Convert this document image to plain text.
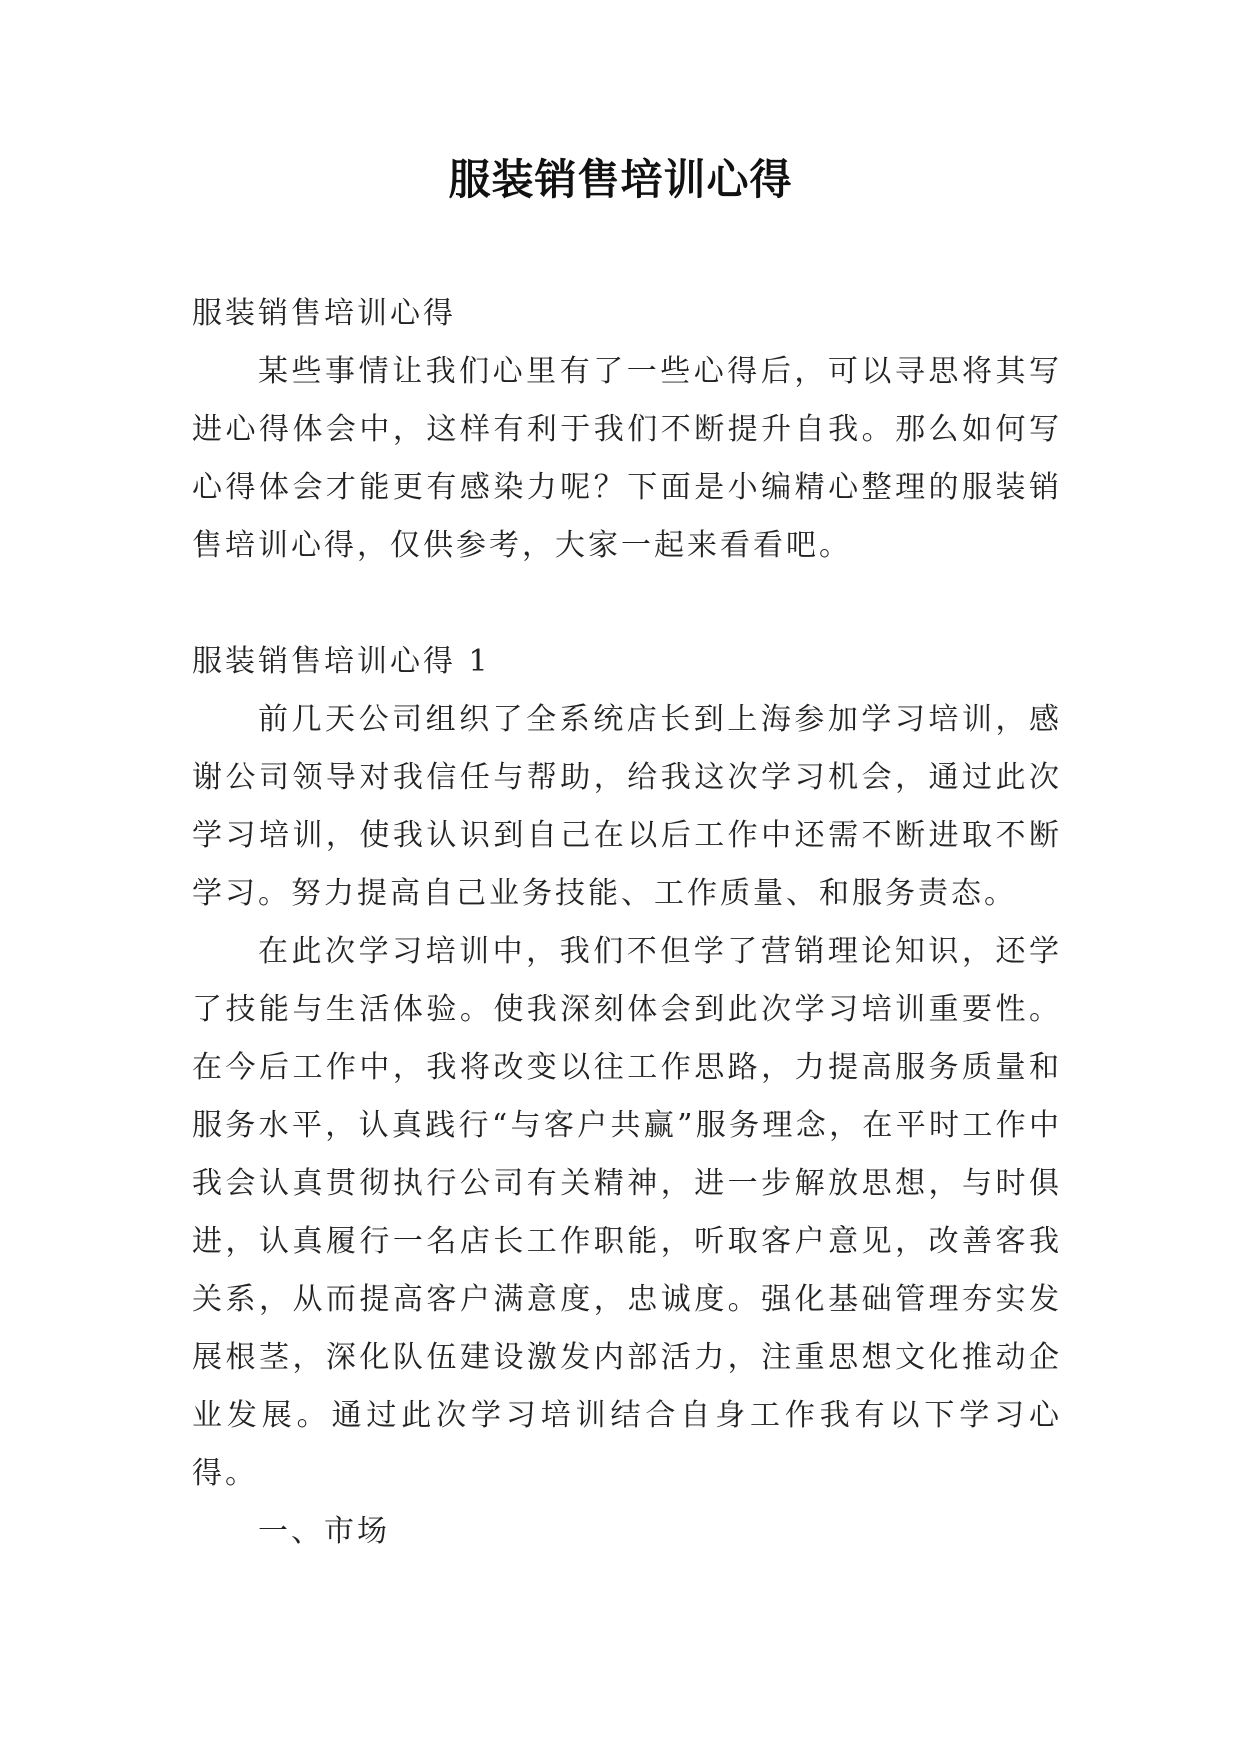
服装销售培训心得

服装销售培训心得

某些事情让我们心里有了一些心得后，可以寻思将其写进心得体会中，这样有利于我们不断提升自我。那么如何写心得体会才能更有感染力呢？下面是小编精心整理的服装销售培训心得，仅供参考，大家一起来看看吧。

服装销售培训心得 1

前几天公司组织了全系统店长到上海参加学习培训，感谢公司领导对我信任与帮助，给我这次学习机会，通过此次学习培训，使我认识到自己在以后工作中还需不断进取不断学习。努力提高自己业务技能、工作质量、和服务责态。

在此次学习培训中，我们不但学了营销理论知识，还学了技能与生活体验。使我深刻体会到此次学习培训重要性。在今后工作中，我将改变以往工作思路，力提高服务质量和服务水平，认真践行“与客户共赢”服务理念，在平时工作中我会认真贯彻执行公司有关精神，进一步解放思想，与时俱进，认真履行一名店长工作职能，听取客户意见，改善客我关系，从而提高客户满意度，忠诚度。强化基础管理夯实发展根茎，深化队伍建设激发内部活力，注重思想文化推动企业发展。通过此次学习培训结合自身工作我有以下学习心得。

一、市场
